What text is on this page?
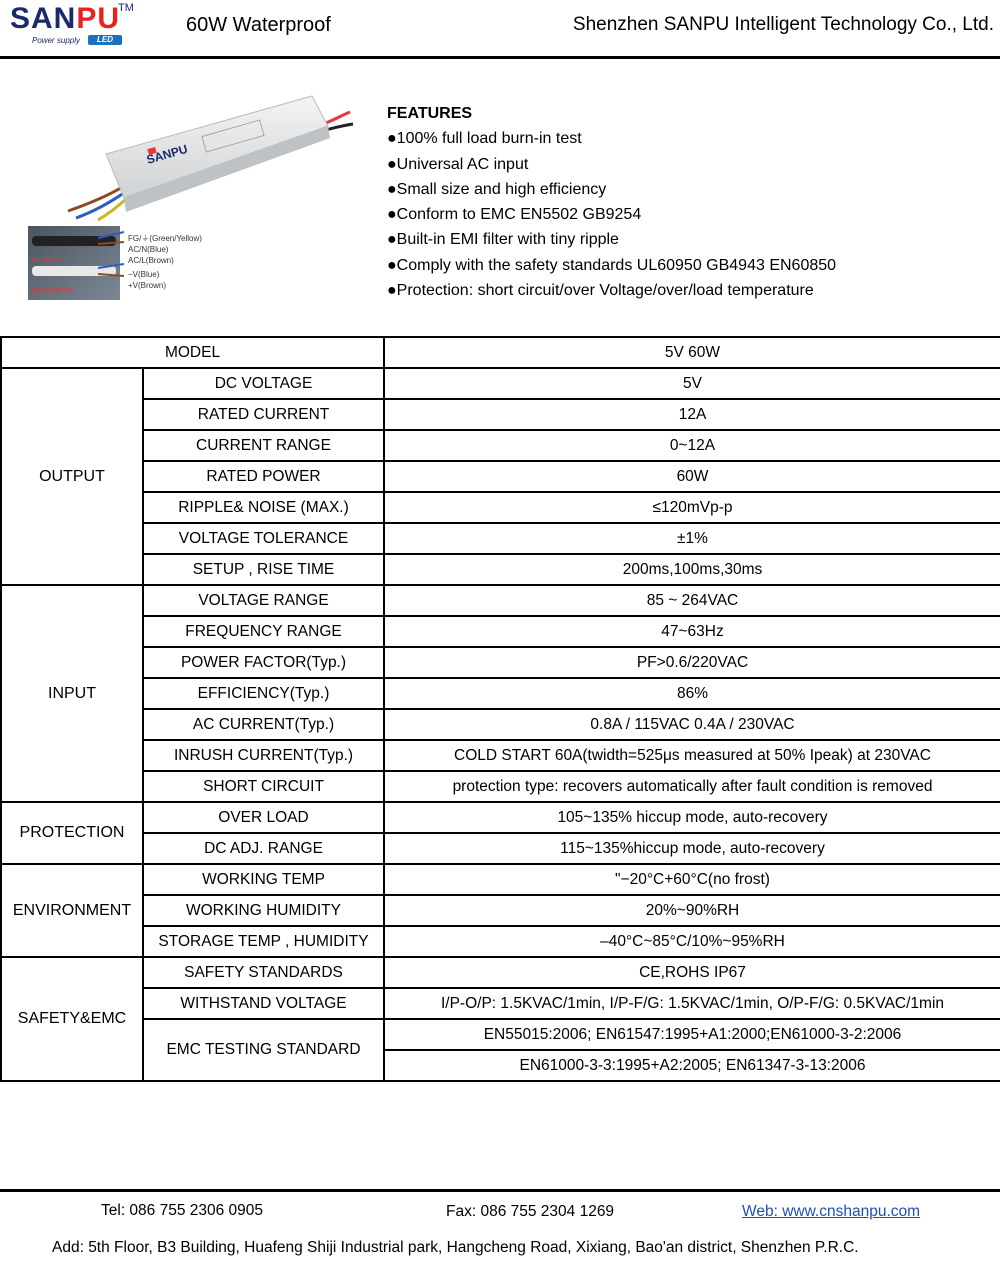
SANPU
TM
Power supply	LED
60W Waterproof	Shenzhen SANPU Intelligent Technology Co., Ltd.
SANPU
AC INPUT
DC OUTPUT
FG/⏚(Green/Yellow)
AC/N(Blue)
AC/L(Brown)
−V(Blue)
+V(Brown)
FEATURES
●100% full load burn-in test
●Universal AC input
●Small size and high efficiency
●Conform to EMC EN5502 GB9254
●Built-in EMI filter with tiny ripple
●Comply with the safety standards UL60950 GB4943 EN60850
●Protection: short circuit/over Voltage/over/load temperature
MODEL		5V 60W
OUTPUT	DC VOLTAGE	5V
	RATED CURRENT	12A
	CURRENT RANGE	0~12A
	RATED POWER	60W
	RIPPLE& NOISE (MAX.)	≤120mVp-p
	VOLTAGE TOLERANCE	±1%
	SETUP , RISE TIME	200ms,100ms,30ms
INPUT	VOLTAGE RANGE	85 ~ 264VAC
	FREQUENCY RANGE	47~63Hz
	POWER FACTOR(Typ.)	PF>0.6/220VAC
	EFFICIENCY(Typ.)	86%
	AC CURRENT(Typ.)	0.8A / 115VAC 0.4A / 230VAC
	INRUSH CURRENT(Typ.)	COLD START 60A(twidth=525μs measured at 50% Ipeak) at 230VAC
	SHORT CIRCUIT	protection type: recovers automatically after fault condition is removed
PROTECTION	OVER LOAD	105~135% hiccup mode, auto-recovery
	DC ADJ. RANGE	115~135%hiccup mode, auto-recovery
ENVIRONMENT	WORKING TEMP	"−20°C+60°C(no frost)
	WORKING HUMIDITY	20%~90%RH
	STORAGE TEMP , HUMIDITY	–40°C~85°C/10%~95%RH
SAFETY&EMC	SAFETY STANDARDS	CE,ROHS IP67
	WITHSTAND VOLTAGE	I/P-O/P: 1.5KVAC/1min, I/P-F/G: 1.5KVAC/1min, O/P-F/G: 0.5KVAC/1min
	EMC TESTING STANDARD	EN55015:2006; EN61547:1995+A1:2000;EN61000-3-2:2006
		EN61000-3-3:1995+A2:2005; EN61347-3-13:2006
Tel: 086 755 2306 0905	Fax: 086 755 2304 1269	Web: www.cnshanpu.com
Add: 5th Floor, B3 Building, Huafeng Shiji Industrial park, Hangcheng Road, Xixiang, Bao'an district, Shenzhen P.R.C.
